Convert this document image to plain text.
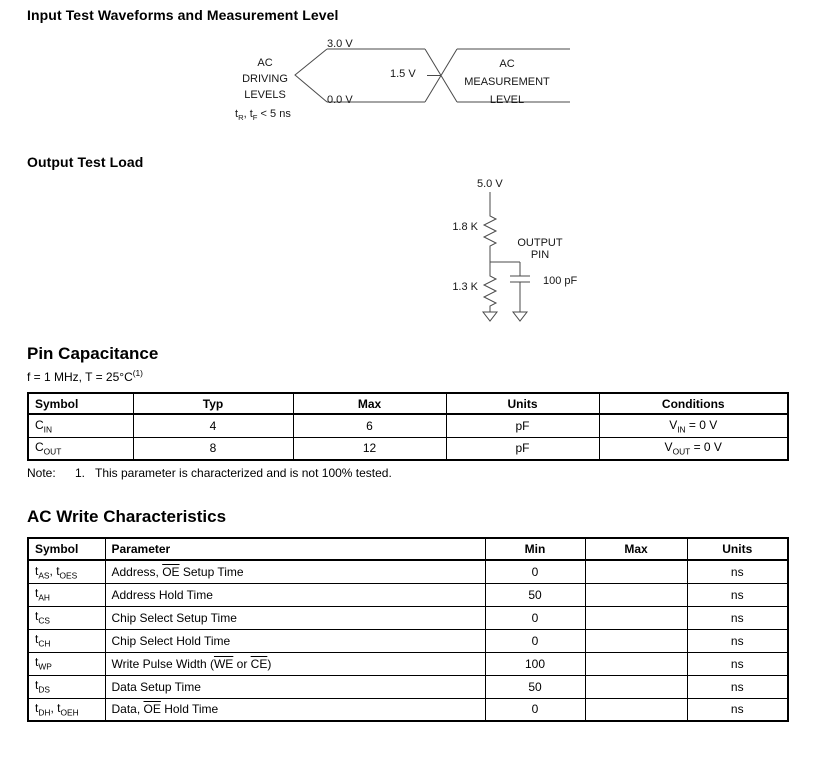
Input Test Waveforms and Measurement Level
3.0 V
0.0 V
1.5 V
AC
DRIVING
LEVELS
AC
MEASUREMENT
LEVEL
$t_R$, $t_F < 5$ ns
Output Test Load
5.0 V
1.8 K
1.3 K
OUTPUT
PIN
100 pF
Pin Capacitance
f = 1 MHz, $T = 25^\circ C^{(1)}$
Symbol	Typ	Max	Units	Conditions
$C_{IN}$	4	6	pF	$V_{IN} = 0$ V
$C_{OUT}$	8	12	pF	$V_{OUT} = 0$ V
Note: 1. This parameter is characterized and is not 100% tested.
AC Write Characteristics
Symbol	Parameter	Min	Max	Units
$t_{AS}$, $t_{OES}$	Address, $\overline{OE}$ Setup Time	0		ns
$t_{AH}$	Address Hold Time	50		ns
$t_{CS}$	Chip Select Setup Time	0		ns
$t_{CH}$	Chip Select Hold Time	0		ns
$t_{WP}$	Write Pulse Width ($\overline{WE}$ or $\overline{CE}$)	100		ns
$t_{DS}$	Data Setup Time	50		ns
$t_{DH}$, $t_{OEH}$	Data, $\overline{OE}$ Hold Time	0		ns
